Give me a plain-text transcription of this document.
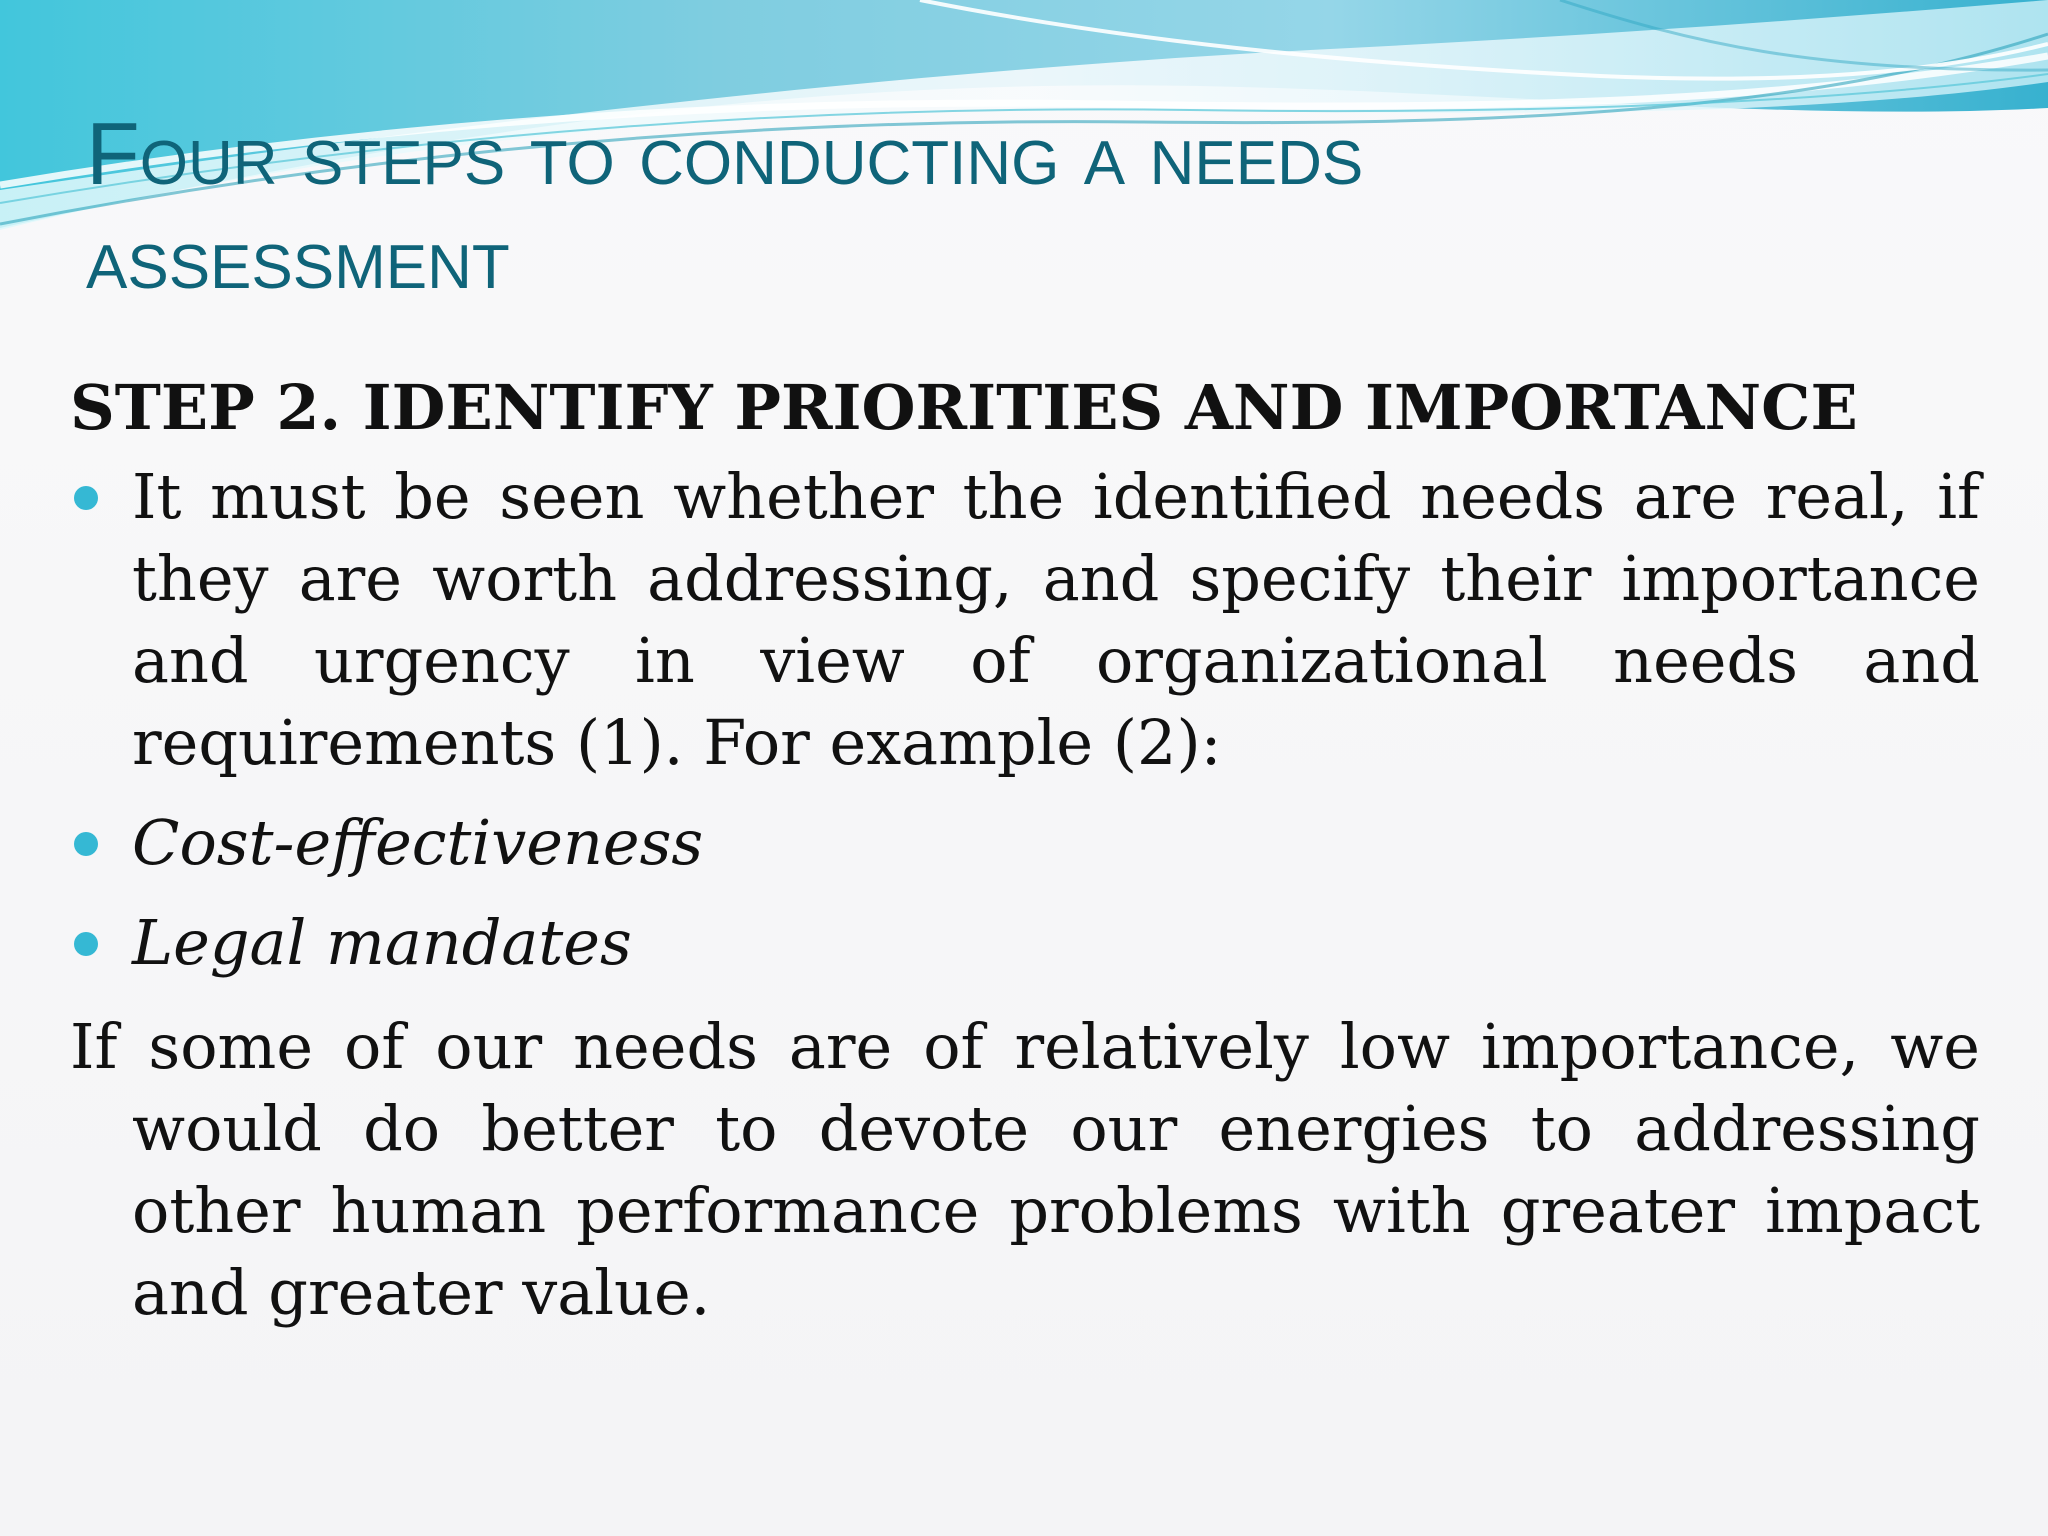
Four steps to conducting a needs
assessment
STEP 2. IDENTIFY PRIORITIES AND IMPORTANCE
It must be seen whether the identified needs are real, if they are worth addressing, and specify their importance and urgency in view of organizational needs and requirements (1). For example (2):
Cost-effectiveness
Legal mandates

If some of our needs are of relatively low importance, we would do better to devote our energies to addressing other human performance problems with greater impact and greater value.
